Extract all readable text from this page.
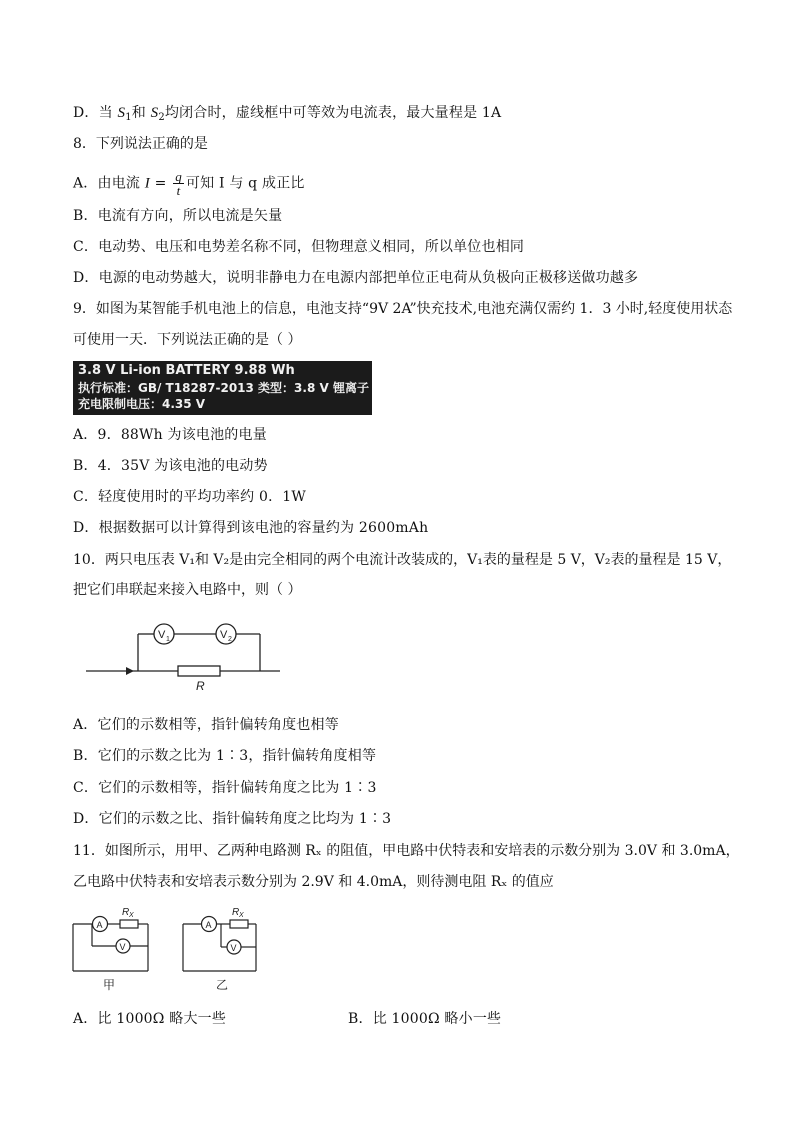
D．当 $S_1$和 $S_2$均闭合时，虚线框中可等效为电流表，最大量程是 1A
8．下列说法正确的是
A．由电流 $I = \frac{q}{t}$ 可知 I 与 q 成正比
B．电流有方向，所以电流是矢量
C．电动势、电压和电势差名称不同，但物理意义相同，所以单位也相同
D．电源的电动势越大，说明非静电力在电源内部把单位正电荷从负极向正极移送做功越多
9．如图为某智能手机电池上的信息，电池支持“9V 2A”快充技术,电池充满仅需约 1．3 小时,轻度使用状态
可使用一天．下列说法正确的是（ ）
3.8 V Li-ion BATTERY 9.88 Wh
执行标准：GB/ T18287-2013 类型：3.8 V 锂离子
充电限制电压：4.35 V
A．9．88Wh 为该电池的电量
B．4．35V 为该电池的电动势
C．轻度使用时的平均功率约 0．1W
D．根据数据可以计算得到该电池的容量约为 2600mAh
10．两只电压表 V₁和 V₂是由完全相同的两个电流计改装成的，V₁表的量程是 5 V，V₂表的量程是 15 V，
把它们串联起来接入电路中，则（ ）
V 1	V 2
R
A．它们的示数相等，指针偏转角度也相等
B．它们的示数之比为 1∶3，指针偏转角度相等
C．它们的示数相等，指针偏转角度之比为 1∶3
D．它们的示数之比、指针偏转角度之比均为 1∶3
11．如图所示，用甲、乙两种电路测 Rₓ 的阻值，甲电路中伏特表和安培表的示数分别为 3.0V 和 3.0mA，
乙电路中伏特表和安培表示数分别为 2.9V 和 4.0mA，则待测电阻 Rₓ 的值应
A
V
R X
甲
A
V
R X
乙
A．比 1000Ω 略大一些	B．比 1000Ω 略小一些
